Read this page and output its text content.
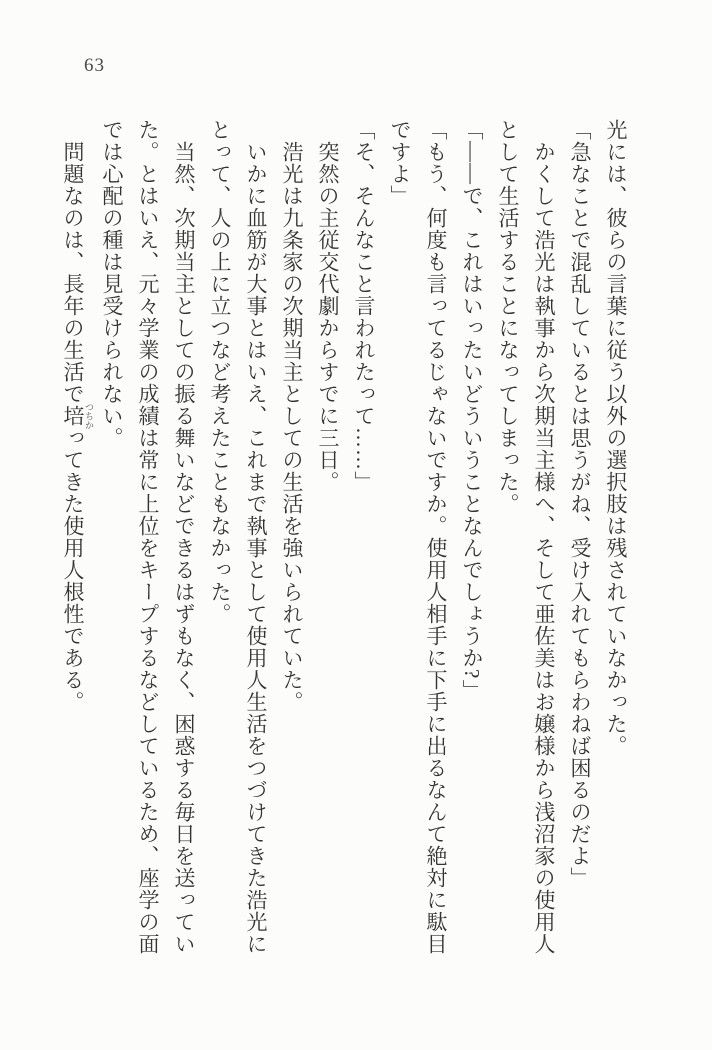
63

光には、彼らの言葉に従う以外の選択肢は残されていなかった。

「急なことで混乱しているとは思うがね、受け入れてもらわねば困るのだよ」

かくして浩光は執事から次期当主様へ、そして亜佐美はお嬢様から浅沼家の使用人

として生活することになってしまった。

「――で、これはいったいどういうことなんでしょうか?」

「もう、何度も言ってるじゃないですか。使用人相手に下手に出るなんて絶対に駄目

ですよ」

「そ、そんなこと言われたって……」

突然の主従交代劇からすでに三日。

浩光は九条家の次期当主としての生活を強いられていた。

いかに血筋が大事とはいえ、これまで執事として使用人生活をつづけてきた浩光に

とって、人の上に立つなど考えたこともなかった。

当然、次期当主としての振る舞いなどできるはずもなく、困惑する毎日を送ってい

た。とはいえ、元々学業の成績は常に上位をキープするなどしているため、座学の面

では心配の種は見受けられない。

問題なのは、長年の生活で培 つちかってきた使用人根性である。
